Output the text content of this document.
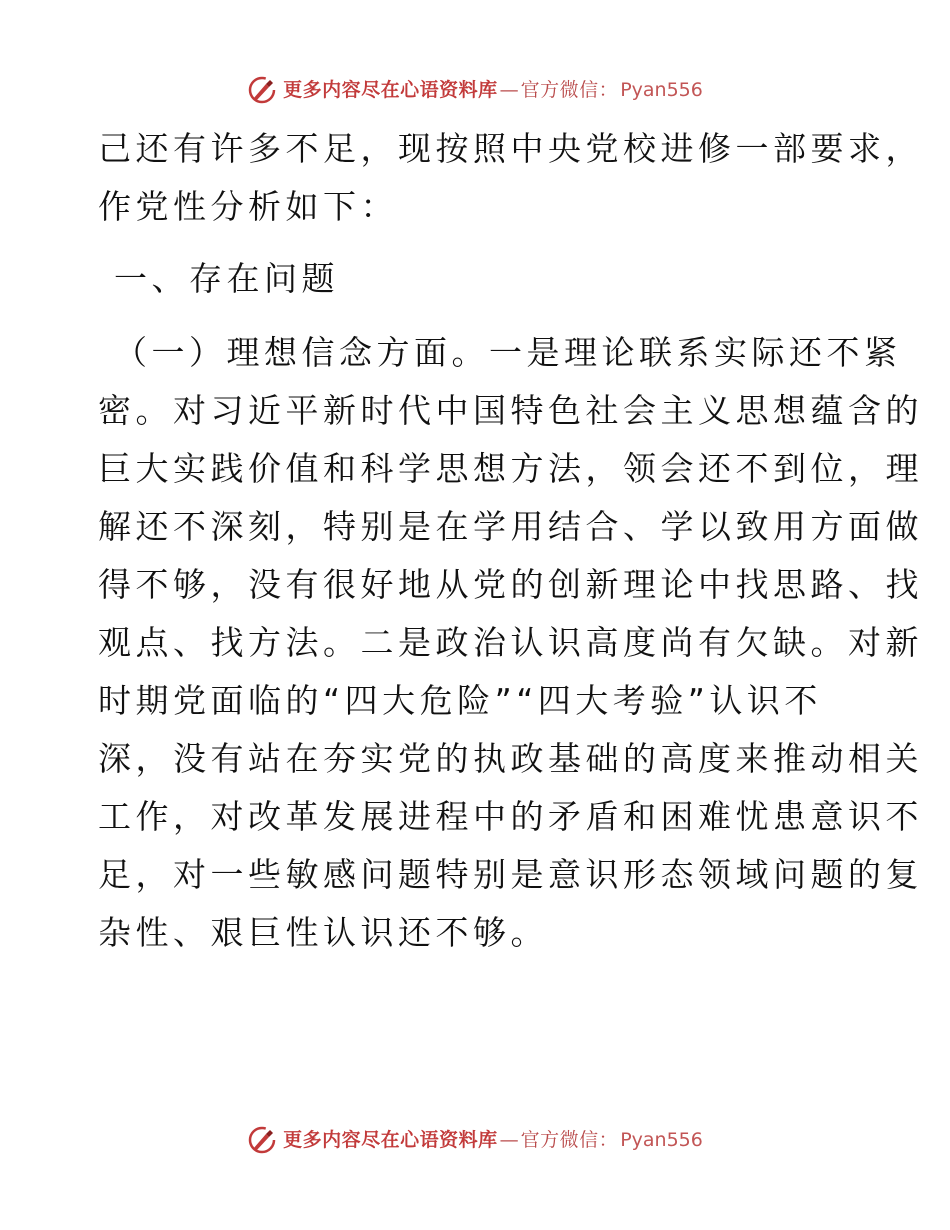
更多内容尽在心语资料库 — 官方微信： Pyan556
己还有许多不足，现按照中央党校进修一部要求，
作党性分析如下：
一、存在问题
（一）理想信念方面。一是理论联系实际还不紧
密。对习近平新时代中国特色社会主义思想蕴含的
巨大实践价值和科学思想方法，领会还不到位，理
解还不深刻，特别是在学用结合、学以致用方面做
得不够，没有很好地从党的创新理论中找思路、找
观点、找方法。二是政治认识高度尚有欠缺。对新
时期党面临的“四大危险”“四大考验”认识不
深，没有站在夯实党的执政基础的高度来推动相关
工作，对改革发展进程中的矛盾和困难忧患意识不
足，对一些敏感问题特别是意识形态领域问题的复
杂性、艰巨性认识还不够。
更多内容尽在心语资料库 — 官方微信： Pyan556
